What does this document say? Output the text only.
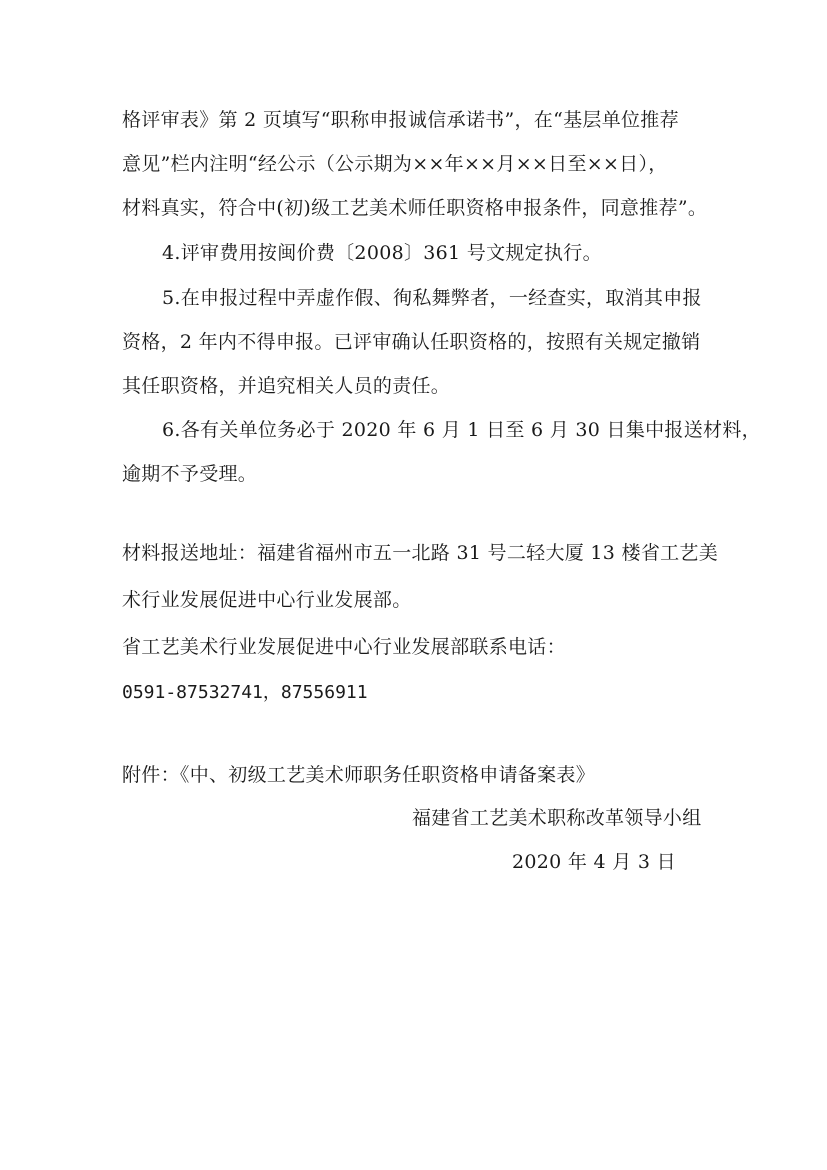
格评审表》第 2 页填写“职称申报诚信承诺书”，在“基层单位推荐
意见”栏内注明“经公示（公示期为××年××月××日至××日），
材料真实，符合中(初)级工艺美术师任职资格申报条件，同意推荐”。
4.评审费用按闽价费〔2008〕361 号文规定执行。
5.在申报过程中弄虚作假、徇私舞弊者，一经查实，取消其申报
资格，2 年内不得申报。已评审确认任职资格的，按照有关规定撤销
其任职资格，并追究相关人员的责任。
6.各有关单位务必于 2020 年 6 月 1 日至 6 月 30 日集中报送材料，
逾期不予受理。
材料报送地址：福建省福州市五一北路 31 号二轻大厦 13 楼省工艺美
术行业发展促进中心行业发展部。
省工艺美术行业发展促进中心行业发展部联系电话：
0591-87532741，87556911
附件：《中、初级工艺美术师职务任职资格申请备案表》
福建省工艺美术职称改革领导小组
2020 年 4 月 3 日
